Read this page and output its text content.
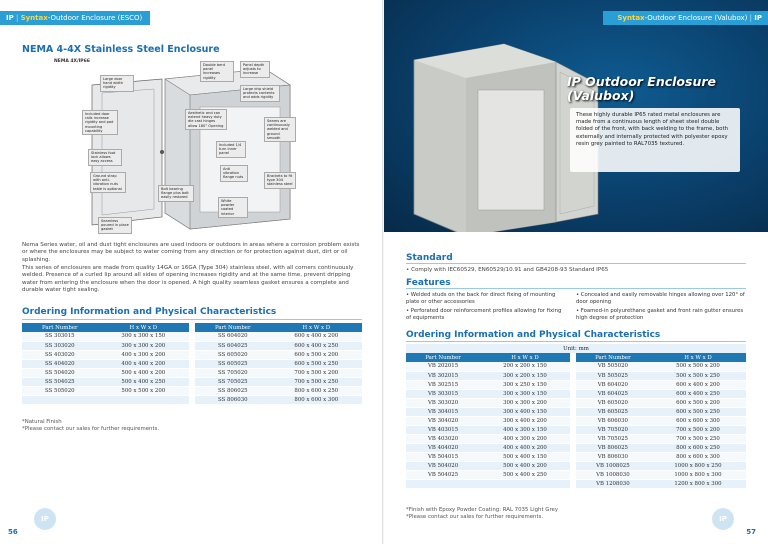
IP | Syntax-Outdoor Enclosure (ESCO)
NEMA 4-4X Stainless Steel Enclosure
NEMA 4X/IP66
Large door hand width rigidity
Double bent panel increases rigidity
Panel depth adjusts to increase
Large drip shield protects contents and adds rigidity
Included door rails increase rigidity and pad mounting capability
Aesthetic and can extend heavy duty die cast hinges allow 180° Opening
Seams are continuously welded and ground smooth
Stainless foot lock allows easy access
Included 1/4 turn inner panel
Ground strap with anti-vibration nuts table is optional
Anti vibration flange nuts	Brackets to fit type 304 stainless steel
Bolt bearing flange plus bolt easily restored
White powder coated interior
Seamless poured in place gasket
Nema Series water, oil and dust tight enclosures are used indoors or outdoors in areas where a corrosion problem exists or where the enclosures may be subject to water coming from any direction or for protection against dust, dirt or oil splashing.
This series of enclosures are made from quality 14GA or 16GA (Type 304) stainless steel, with all corners continuously welded. Presence of a curled lip around all sides of opening increases rigidity and at the same time, prevent dripping water from entering the enclosure when the door is opened. A high quality seamless gasket ensures a complete and durable water tight sealing.
Ordering Information and Physical Characteristics
Part Number	H x W x D		Part Number	H x W x D
SS 303015	300 x 300 x 150		SS 604020	600 x 400 x 200
SS 303020	300 x 300 x 200		SS 604025	600 x 400 x 250
SS 403020	400 x 300 x 200		SS 605020	600 x 500 x 200
SS 404020	400 x 400 x 200		SS 605025	600 x 500 x 250
SS 504020	500 x 400 x 200		SS 705020	700 x 500 x 200
SS 504025	500 x 400 x 250		SS 705025	700 x 500 x 250
SS 505020	500 x 500 x 200		SS 806025	800 x 600 x 250
			SS 806030	800 x 600 x 300
*Natural Finish
*Please contact our sales for further requirements.
IP
56
IP Outdoor Enclosure
(Valubox)
These highly durable IP65 rated metal enclosures are made from a continuous length of sheet steel double folded of the front, with back welding to the frame, both externally and internally protected with polyester epoxy resin grey painted to RAL7035 textured.
Syntax-Outdoor Enclosure (Valubox) | IP
Standard
• Comply with IEC60529, EN60529/10.91 and GB4208-93 Standard IP65
Features
• Welded studs on the back for direct fixing of mounting plate or other accessories
• Concealed and easily removable hinges allowing over 120° of door opening
• Perforated door reinforcement profiles allowing for fixing of equipments
• Foamed-in polyurethane gasket and front rain gutter ensures high degree of protection
Ordering Information and Physical Characteristics
Unit: mm				
Part Number	H x W x D		Part Number	H x W x D
VB 202015	200 x 200 x 150		VB 505020	500 x 500 x 200
VB 302015	300 x 200 x 150		VB 505025	500 x 500 x 250
VB 302515	300 x 250 x 150		VB 604020	600 x 400 x 200
VB 303015	300 x 300 x 150		VB 604025	600 x 400 x 250
VB 303020	300 x 300 x 200		VB 605020	600 x 500 x 200
VB 304015	300 x 400 x 150		VB 605025	600 x 500 x 250
VB 304020	300 x 400 x 200		VB 606030	600 x 600 x 300
VB 403015	400 x 300 x 150		VB 705020	700 x 500 x 200
VB 403020	400 x 300 x 200		VB 705025	700 x 500 x 250
VB 404020	400 x 400 x 200		VB 806025	800 x 600 x 250
VB 504015	500 x 400 x 150		VB 806030	800 x 600 x 300
VB 504020	500 x 400 x 200		VB 1008025	1000 x 800 x 250
VB 504025	500 x 400 x 250		VB 1008030	1000 x 800 x 300
			VB 1208030	1200 x 800 x 300
*Finish with Epoxy Powder Coating: RAL 7035 Light Grey
*Please contact our sales for further requirements.	IP
57
